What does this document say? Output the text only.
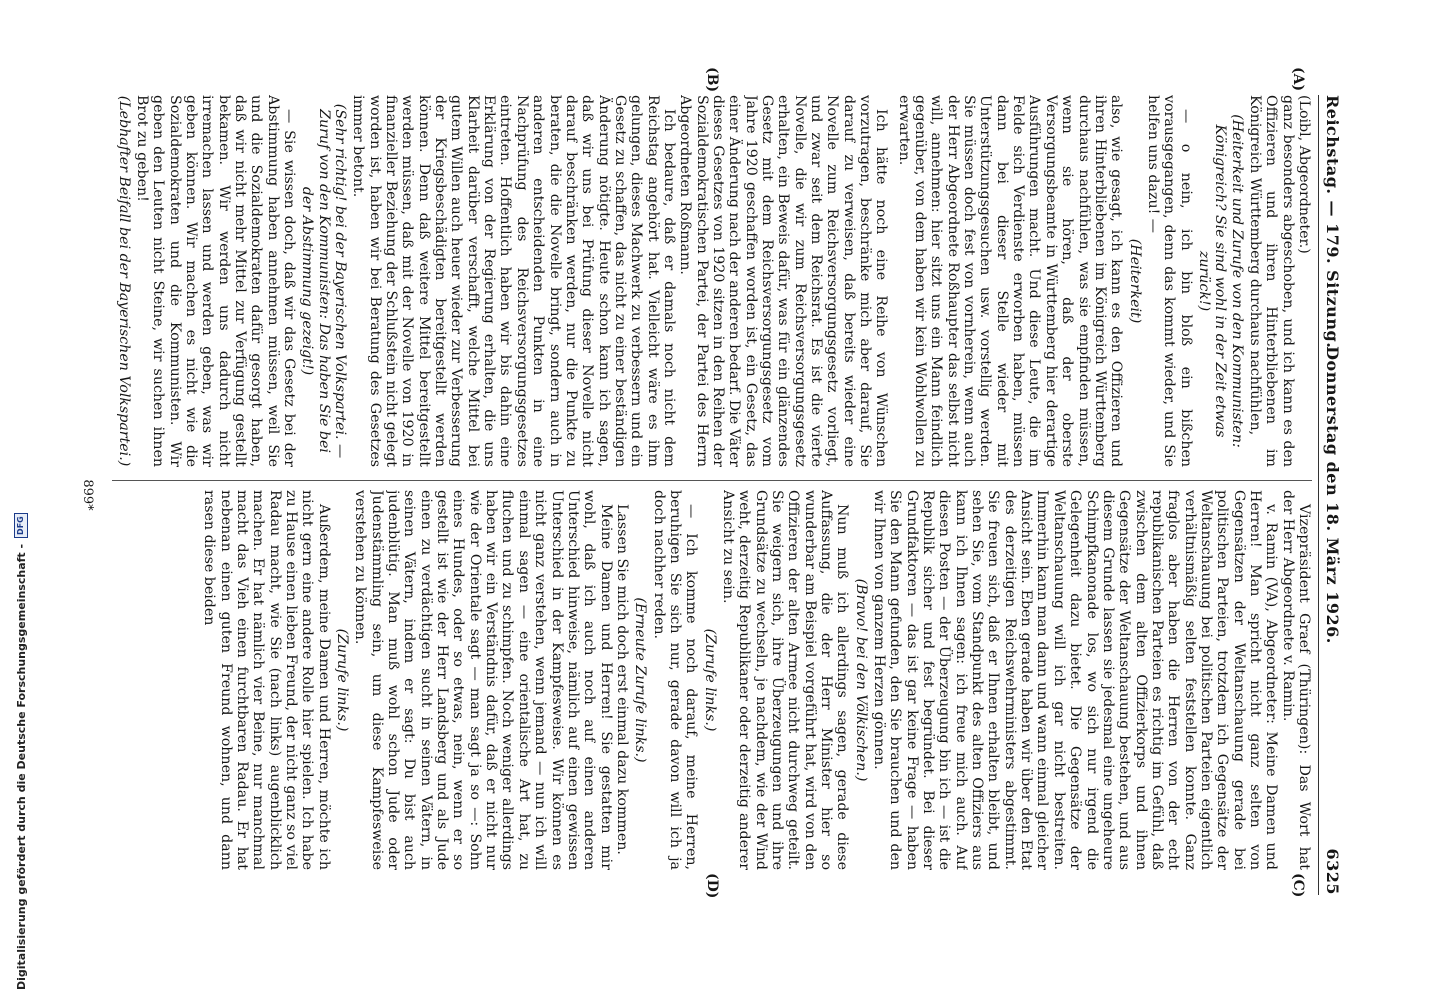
Reichstag. — 179. Sitzung.
Donnerstag den 18. März 1926.
6325
(A)
(B)
(C)
(D)

(Loibl, Abgeordneter.)

ganz besonders abgeschoben, und ich kann es den Offizieren und ihren Hinterbliebenen im Königreich Württemberg durchaus nachfühlen,

(Heiterkeit und Zurufe von den Kommunisten: Königreich? Sie sind wohl in der Zeit etwas zurück!)

— o nein, ich bin bloß ein bißchen vorausgegangen, denn das kommt wieder, und Sie helfen uns dazu! —

(Heiterkeit)

also, wie gesagt, ich kann es den Offizieren und ihren Hinterbliebenen im Königreich Württemberg durchaus nachfühlen, was sie empfinden müssen, wenn sie hören, daß der oberste Versorgungsbeamte in Württemberg hier derartige Ausführungen macht. Und diese Leute, die im Felde sich Verdienste erworben haben, müssen dann bei dieser Stelle wieder mit Unterstützungsgesuchen usw. vorstellig werden. Sie müssen doch fest von vornherein, wenn auch der Herr Abgeordnete Roßhaupter das selbst nicht will, annehmen: hier sitzt uns ein Mann feindlich gegenüber, von dem haben wir kein Wohlwollen zu erwarten.

Ich hätte noch eine Reihe von Wünschen vorzutragen, beschränke mich aber darauf, Sie darauf zu verweisen, daß bereits wieder eine Novelle zum Reichsversorgungsgesetz vorliegt, und zwar seit dem Reichsrat. Es ist die vierte Novelle, die wir zum Reichsversorgungsgesetz erhalten, ein Beweis dafür, was für ein glänzendes Gesetz mit dem Reichsversorgungsgesetz vom Jahre 1920 geschaffen worden ist, ein Gesetz, das einer Änderung nach der anderen bedarf. Die Väter dieses Gesetzes von 1920 sitzen in den Reihen der Sozialdemokratischen Partei, der Partei des Herrn Abgeordneten Roßmann.

Ich bedaure, daß er damals noch nicht dem Reichstag angehört hat. Vielleicht wäre es ihm gelungen, dieses Machwerk zu verbessern und ein Gesetz zu schaffen, das nicht zu einer beständigen Änderung nötigte. Heute schon kann ich sagen, daß wir uns bei Prüfung dieser Novelle nicht darauf beschränken werden, nur die Punkte zu beraten, die die Novelle bringt, sondern auch in anderen entscheidenden Punkten in eine Nachprüfung des Reichsversorgungsgesetzes eintreten. Hoffentlich haben wir bis dahin eine Erklärung von der Regierung erhalten, die uns Klarheit darüber verschafft, welche Mittel bei gutem Willen auch heuer wieder zur Verbesserung der Kriegsbeschädigten bereitgestellt werden können. Denn daß weitere Mittel bereitgestellt werden müssen, daß mit der Novelle von 1920 in finanzieller Beziehung der Schlußstein nicht gelegt worden ist, haben wir bei Beratung des Gesetzes immer betont.

(Sehr richtig! bei der Bayerischen Volkspartei. — Zuruf von den Kommunisten: Das haben Sie bei der Abstimmung gezeigt!)

— Sie wissen doch, daß wir das Gesetz bei der Abstimmung haben annehmen müssen, weil Sie und die Sozialdemokraten dafür gesorgt haben, daß wir nicht mehr Mittel zur Verfügung gestellt bekamen. Wir werden uns dadurch nicht irremachen lassen und werden geben, was wir geben können. Wir machen es nicht wie die Sozialdemokraten und die Kommunisten. Wir geben den Leuten nicht Steine, wir suchen ihnen Brot zu geben!

(Lebhafter Beifall bei der Bayerischen Volkspartei.)

Vizepräsident Graef (Thüringen): Das Wort hat der Herr Abgeordnete v. Ramin.

v. Ramin (VA), Abgeordneter: Meine Damen und Herren! Man spricht nicht ganz selten von Gegensätzen der Weltanschauung gerade bei politischen Parteien, trotzdem ich Gegensätze der Weltanschauung bei politischen Parteien eigentlich verhältnismäßig selten feststellen konnte. Ganz fraglos aber haben die Herren von der echt republikanischen Parteien es richtig im Gefühl, daß zwischen dem alten Offizierkorps und ihnen Gegensätze der Weltanschauung bestehen, und aus diesem Grunde lassen sie jedesmal eine ungeheure Schimpfkanonade los, wo sich nur irgend die Gelegenheit dazu bietet. Die Gegensätze der Weltanschauung will ich gar nicht bestreiten. Immerhin kann man dann und wann einmal gleicher Ansicht sein. Eben gerade haben wir über den Etat des derzeitigen Reichswehrministers abgestimmt. Sie freuen sich, daß er Ihnen erhalten bleibt, und sehen Sie, vom Standpunkt des alten Offiziers aus kann ich Ihnen sagen: ich freue mich auch. Auf diesen Posten — der Überzeugung bin ich — ist die Republik sicher und fest begründet. Bei dieser Grundfaktoren — das ist gar keine Frage — haben Sie den Mann gefunden, den Sie brauchen und den wir Ihnen von ganzem Herzen gönnen.

(Bravo! bei den Völkischen.)

Nun muß ich allerdings sagen, gerade diese Auffassung, die der Herr Minister hier so wunderbar am Beispiel vorgeführt hat, wird von den Offizieren der alten Armee nicht durchweg geteilt. Sie weigern sich, ihre Überzeugungen und ihre Grundsätze zu wechseln, je nachdem, wie der Wind weht, derzeitig Republikaner oder derzeitig anderer Ansicht zu sein.

(Zurufe links.)

— Ich komme noch darauf, meine Herren, beruhigen Sie sich nur, gerade davon will ich ja doch nachher reden.

(Erneute Zurufe links.)

Lassen Sie mich doch erst einmal dazu kommen.

Meine Damen und Herren! Sie gestatten mir wohl, daß ich auch noch auf einen anderen Unterschied hinweise, nämlich auf einen gewissen Unterschied in der Kampfesweise. Wir können es nicht ganz verstehen, wenn jemand — nun ich will einmal sagen — eine orientalische Art hat, zu fluchen und zu schimpfen. Noch weniger allerdings haben wir ein Verständnis dafür, daß er nicht nur wie der Orientale sagt — man sagt ja so —: Sohn eines Hundes, oder so etwas, nein, wenn er so gestellt ist wie der Herr Landsberg und als Jude einen zu verdächtigen sucht in seinen Vätern, in seinen Vätern, indem er sagt: Du bist auch judenblütig. Man muß wohl schon Jude oder Judenstämmling sein, um diese Kampfesweise verstehen zu können.

(Zurufe links.)

Außerdem, meine Damen und Herren, möchte ich nicht gern eine andere Rolle hier spielen. Ich habe zu Hause einen lieben Freund, der nicht ganz so viel Radau macht, wie Sie (nach links) augenblicklich machen. Er hat nämlich vier Beine, nur manchmal macht das Vieh einen furchtbaren Radau. Er hat nebenan einen guten Freund wohnen, und dann rasen diese beiden

899*
Digitalisierung gefördert durch die Deutsche Forschungsgemeinschaft -
DFG
